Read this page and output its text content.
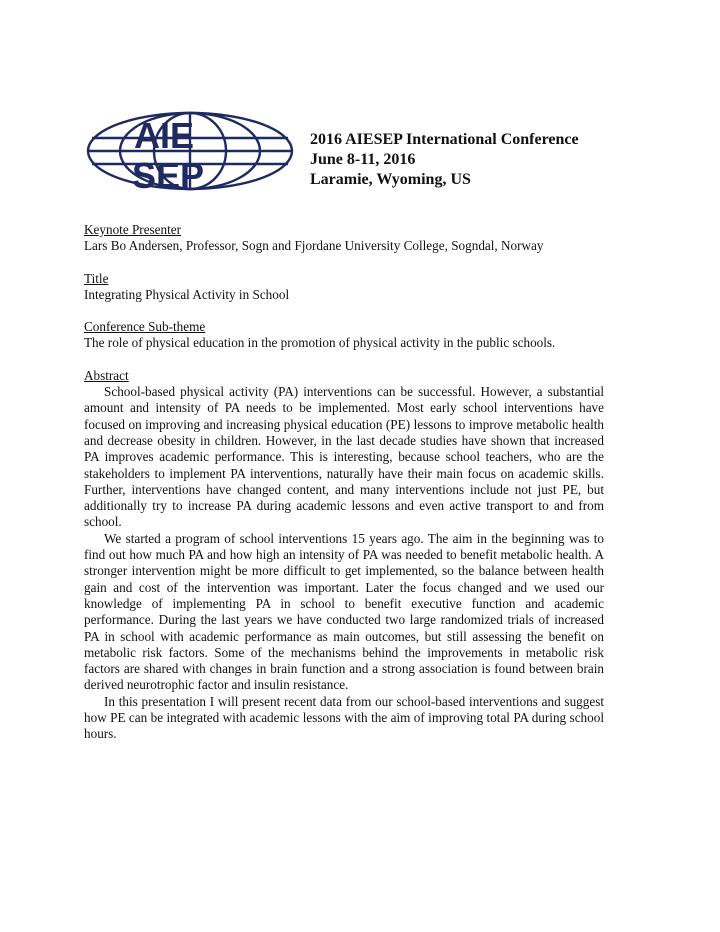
AIE
SEP
2016 AIESEP International Conference
June 8-11, 2016
Laramie, Wyoming, US
Keynote Presenter
Lars Bo Andersen, Professor, Sogn and Fjordane University College, Sogndal, Norway
Title
Integrating Physical Activity in School
Conference Sub-theme
The role of physical education in the promotion of physical activity in the public schools.
Abstract

School-based physical activity (PA) interventions can be successful. However, a substantial amount and intensity of PA needs to be implemented. Most early school interventions have focused on improving and increasing physical education (PE) lessons to improve metabolic health and decrease obesity in children. However, in the last decade studies have shown that increased PA improves academic performance. This is interesting, because school teachers, who are the stakeholders to implement PA interventions, naturally have their main focus on academic skills. Further, interventions have changed content, and many interventions include not just PE, but additionally try to increase PA during academic lessons and even active transport to and from school.

We started a program of school interventions 15 years ago. The aim in the beginning was to find out how much PA and how high an intensity of PA was needed to benefit metabolic health. A stronger intervention might be more difficult to get implemented, so the balance between health gain and cost of the intervention was important. Later the focus changed and we used our knowledge of implementing PA in school to benefit executive function and academic performance. During the last years we have conducted two large randomized trials of increased PA in school with academic performance as main outcomes, but still assessing the benefit on metabolic risk factors. Some of the mechanisms behind the improvements in metabolic risk factors are shared with changes in brain function and a strong association is found between brain derived neurotrophic factor and insulin resistance.

In this presentation I will present recent data from our school-based interventions and suggest how PE can be integrated with academic lessons with the aim of improving total PA during school hours.
